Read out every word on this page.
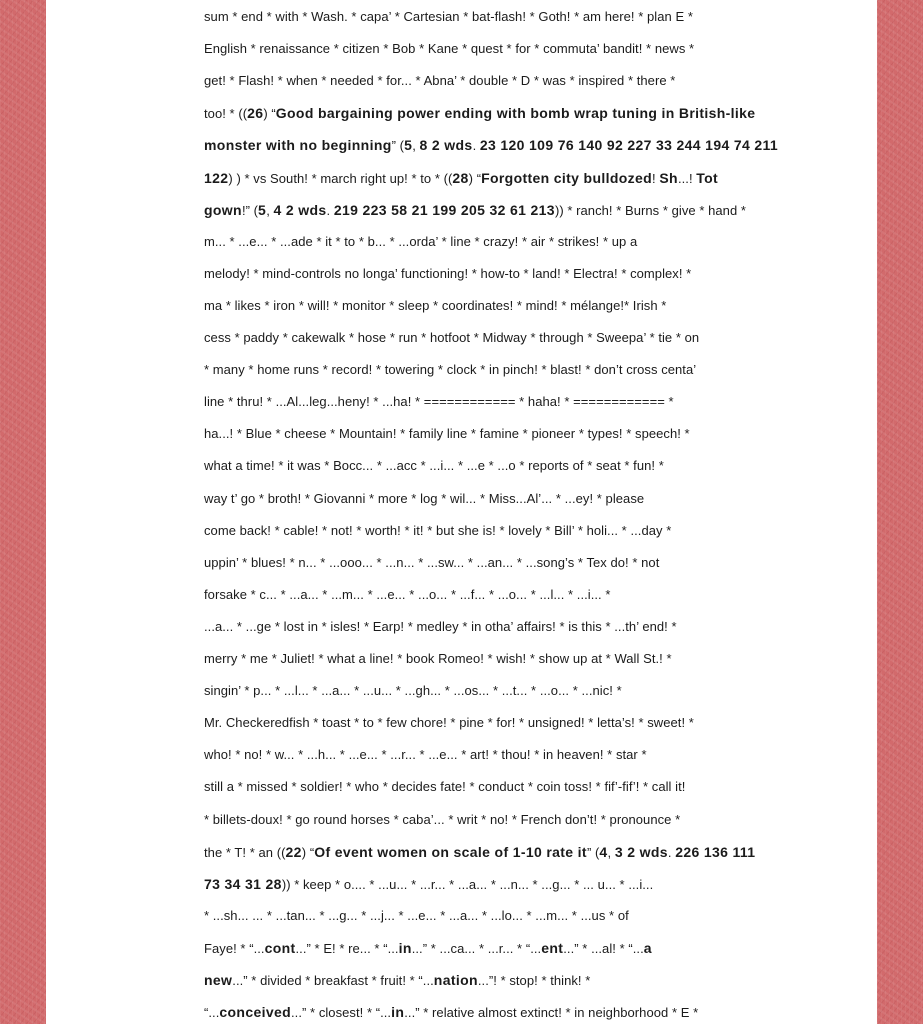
sum * end * with * Wash. * capa’ * Cartesian * bat-flash! * Goth! * am here! * plan E *
English * renaissance * citizen * Bob * Kane * quest * for * commuta’ bandit! * news *
get! * Flash! * when * needed * for... * Abna’ * double * D * was * inspired * there *
too! * ((26) “Good bargaining power ending with bomb wrap tuning in British-like
monster with no beginning” (5, 8 2 wds. 23 120 109 76 140 92 227 33 244 194 74 211
122) ) * vs South! * march right up! * to * ((28) “Forgotten city bulldozed! Sh...! Tot
gown!” (5, 4 2 wds. 219 223 58 21 199 205 32 61 213)) * ranch! * Burns * give * hand *
m... * ...e... * ...ade * it * to * b... * ...orda’ * line * crazy! * air * strikes! * up a
melody! * mind-controls no longa’ functioning! * how-to * land! * Electra! * complex! *
ma * likes * iron * will! * monitor * sleep * coordinates! * mind! * mélange!* Irish *
cess * paddy * cakewalk * hose * run * hotfoot * Midway * through * Sweepa’ * tie * on
* many * home runs * record! * towering * clock * in pinch! * blast! * don’t cross centa’
line * thru! * ...Al...leg...heny! * ...ha! * ============ * haha! * ============ *
ha...! * Blue * cheese * Mountain! * family line * famine * pioneer * types! * speech! *
what a time! * it was * Bocc... * ...acc * ...i... * ...e * ...o * reports of * seat * fun! *
way t’ go * broth! * Giovanni * more * log * wil... * Miss...Al’... * ...ey! * please
come back! * cable! * not! * worth! * it! * but she is! * lovely * Bill’ * holi... * ...day *
uppin’ * blues! * n... * ...ooo... * ...n... * ...sw... * ...an... * ...song’s * Tex do! * not
forsake * c... * ...a... * ...m... * ...e... * ...o... * ...f... * ...o... * ...l... * ...i... *
...a... * ...ge * lost in * isles! * Earp! * medley * in otha’ affairs! * is this * ...th’ end! *
merry * me * Juliet! * what a line! * book Romeo! * wish! * show up at * Wall St.! *
singin’ * p... * ...l... * ...a... * ...u... * ...gh... * ...os... * ...t... * ...o... * ...nic! *
Mr. Checkeredfish * toast * to * few chore! * pine * for! * unsigned! * letta’s! * sweet! *
who! * no! * w... * ...h... * ...e... * ...r... * ...e... * art! * thou! * in heaven! * star *
still a * missed * soldier! * who * decides fate! * conduct * coin toss! * fif’-fif’! * call it!
* billets-doux! * go round horses * caba’... * writ * no! * French don’t! * pronounce *
the * T! * an ((22) “Of event women on scale of 1-10 rate it” (4, 3 2 wds. 226 136 111
73 34 31 28)) * keep * o.... * ...u... * ...r... * ...a... * ...n... * ...g... * ... u... * ...i...
* ...sh... ... * ...tan... * ...g... * ...j... * ...e... * ...a... * ...lo... * ...m... * ...us * of
Faye! * “...cont...” * E! * re... * “...in...” * ...ca... * ...r... * “...ent...” * ...al! * “...a
new...” * divided * breakfast * fruit! * “...nation...”! * stop! * think! *
“...conceived...” * closest! * “...in...” * relative almost extinct! * in neighborhood * E *
